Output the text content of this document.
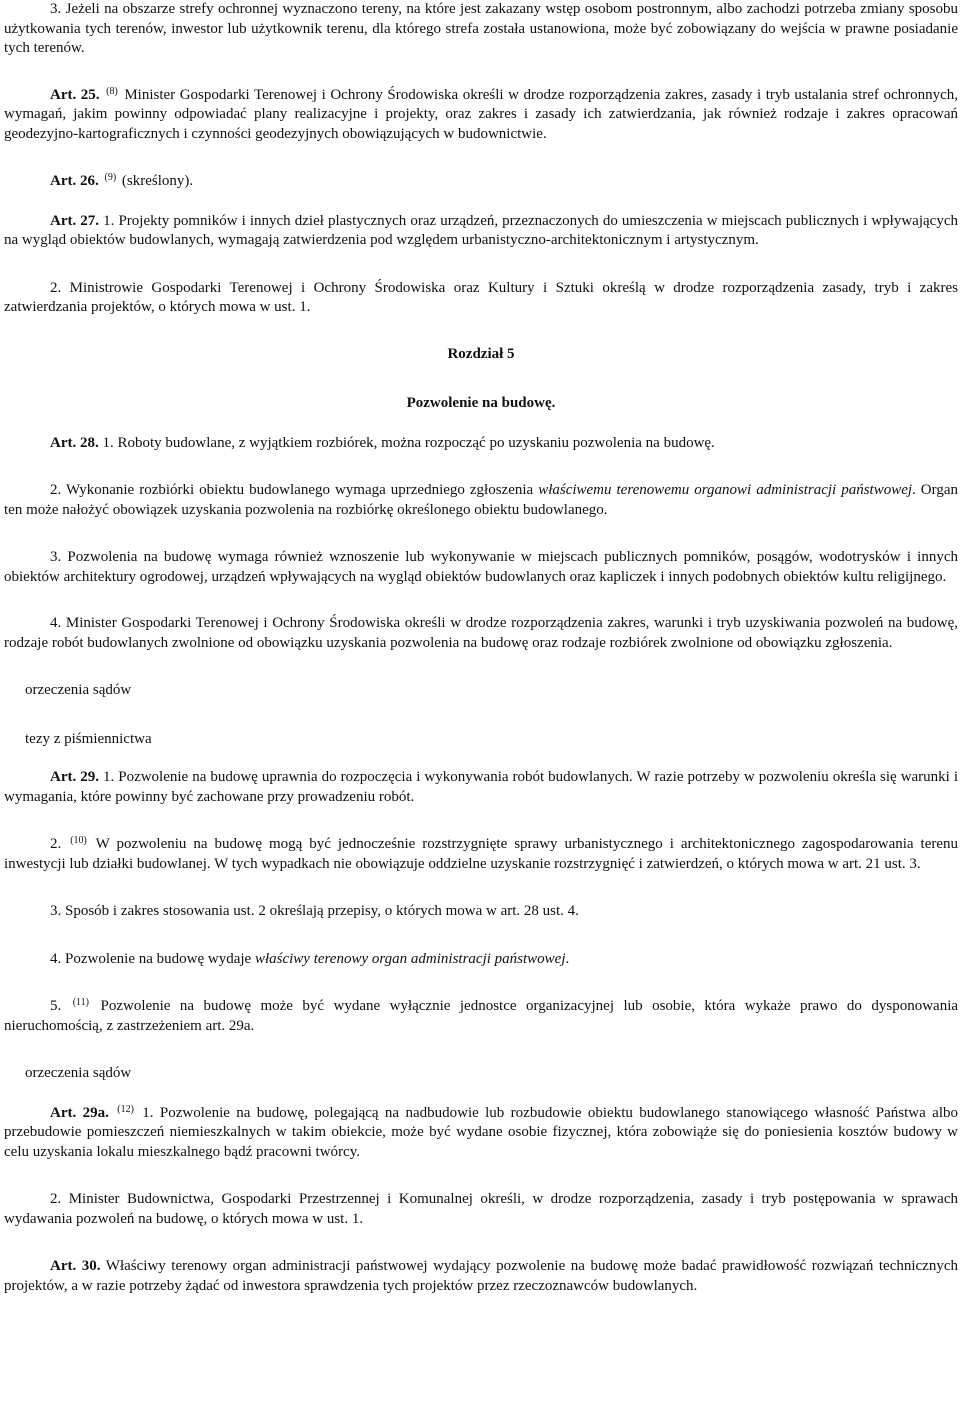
3. Jeżeli na obszarze strefy ochronnej wyznaczono tereny, na które jest zakazany wstęp osobom postronnym, albo zachodzi potrzeba zmiany sposobu użytkowania tych terenów, inwestor lub użytkownik terenu, dla którego strefa została ustanowiona, może być zobowiązany do wejścia w prawne posiadanie tych terenów.

Art. 25. $^{(8)}$ Minister Gospodarki Terenowej i Ochrony Środowiska określi w drodze rozporządzenia zakres, zasady i tryb ustalania stref ochronnych, wymagań, jakim powinny odpowiadać plany realizacyjne i projekty, oraz zakres i zasady ich zatwierdzania, jak również rodzaje i zakres opracowań geodezyjno-kartograficznych i czynności geodezyjnych obowiązujących w budownictwie.

Art. 26. $^{(9)}$ (skreślony).

Art. 27. 1. Projekty pomników i innych dzieł plastycznych oraz urządzeń, przeznaczonych do umieszczenia w miejscach publicznych i wpływających na wygląd obiektów budowlanych, wymagają zatwierdzenia pod względem urbanistyczno-architektonicznym i artystycznym.

2. Ministrowie Gospodarki Terenowej i Ochrony Środowiska oraz Kultury i Sztuki określą w drodze rozporządzenia zasady, tryb i zakres zatwierdzania projektów, o których mowa w ust. 1.

Rozdział 5

Pozwolenie na budowę.

Art. 28. 1. Roboty budowlane, z wyjątkiem rozbiórek, można rozpocząć po uzyskaniu pozwolenia na budowę.

2. Wykonanie rozbiórki obiektu budowlanego wymaga uprzedniego zgłoszenia właściwemu terenowemu organowi administracji państwowej. Organ ten może nałożyć obowiązek uzyskania pozwolenia na rozbiórkę określonego obiektu budowlanego.

3. Pozwolenia na budowę wymaga również wznoszenie lub wykonywanie w miejscach publicznych pomników, posągów, wodotrysków i innych obiektów architektury ogrodowej, urządzeń wpływających na wygląd obiektów budowlanych oraz kapliczek i innych podobnych obiektów kultu religijnego.

4. Minister Gospodarki Terenowej i Ochrony Środowiska określi w drodze rozporządzenia zakres, warunki i tryb uzyskiwania pozwoleń na budowę, rodzaje robót budowlanych zwolnione od obowiązku uzyskania pozwolenia na budowę oraz rodzaje rozbiórek zwolnione od obowiązku zgłoszenia.

orzeczenia sądów

tezy z piśmiennictwa

Art. 29. 1. Pozwolenie na budowę uprawnia do rozpoczęcia i wykonywania robót budowlanych. W razie potrzeby w pozwoleniu określa się warunki i wymagania, które powinny być zachowane przy prowadzeniu robót.

2. $^{(10)}$ W pozwoleniu na budowę mogą być jednocześnie rozstrzygnięte sprawy urbanistycznego i architektonicznego zagospodarowania terenu inwestycji lub działki budowlanej. W tych wypadkach nie obowiązuje oddzielne uzyskanie rozstrzygnięć i zatwierdzeń, o których mowa w art. 21 ust. 3.

3. Sposób i zakres stosowania ust. 2 określają przepisy, o których mowa w art. 28 ust. 4.

4. Pozwolenie na budowę wydaje właściwy terenowy organ administracji państwowej.

5. $^{(11)}$ Pozwolenie na budowę może być wydane wyłącznie jednostce organizacyjnej lub osobie, która wykaże prawo do dysponowania nieruchomością, z zastrzeżeniem art. 29a.

orzeczenia sądów

Art. 29a. $^{(12)}$ 1. Pozwolenie na budowę, polegającą na nadbudowie lub rozbudowie obiektu budowlanego stanowiącego własność Państwa albo przebudowie pomieszczeń niemieszkalnych w takim obiekcie, może być wydane osobie fizycznej, która zobowiąże się do poniesienia kosztów budowy w celu uzyskania lokalu mieszkalnego bądź pracowni twórcy.

2. Minister Budownictwa, Gospodarki Przestrzennej i Komunalnej określi, w drodze rozporządzenia, zasady i tryb postępowania w sprawach wydawania pozwoleń na budowę, o których mowa w ust. 1.

Art. 30. Właściwy terenowy organ administracji państwowej wydający pozwolenie na budowę może badać prawidłowość rozwiązań technicznych projektów, a w razie potrzeby żądać od inwestora sprawdzenia tych projektów przez rzeczoznawców budowlanych.
